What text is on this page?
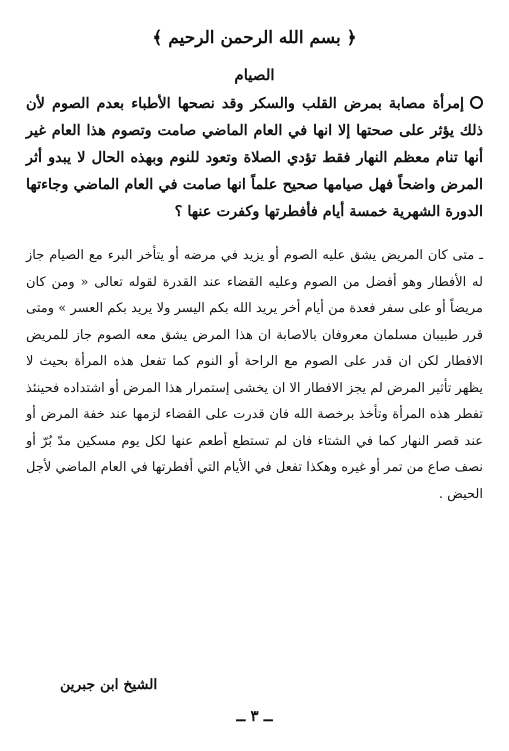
﴿ بسم الله الرحمن الرحيم ﴾
الصيام
إمرأة مصابة بمرض القلب والسكر وقد نصحها الأطباء بعدم الصوم لأن ذلك يؤثر على صحتها إلا انها في العام الماضي صامت وتصوم هذا العام غير أنها تنام معظم النهار فقط تؤدي الصلاة وتعود للنوم وبهذه الحال لا يبدو أثر المرض واضحاً فهل صيامها صحيح علماً انها صامت في العام الماضي وجاءتها الدورة الشهرية خمسة أيام فأفطرتها وكفرت عنها ؟
ـ متى كان المريض يشق عليه الصوم أو يزيد في مرضه أو يتأخر البرء مع الصيام جاز له الأفطار وهو أفضل من الصوم وعليه القضاء عند القدرة لقوله تعالى « ومن كان مريضاً أو على سفر فعدة من أيام أخر يريد الله بكم اليسر ولا يريد بكم العسر » ومتى قرر طبيبان مسلمان معروفان بالاصابة ان هذا المرض يشق معه الصوم جاز للمريض الافطار لكن ان قدر على الصوم مع الراحة أو النوم كما تفعل هذه المرأة بحيث لا يظهر تأثير المرض لم يجز الافطار الا ان يخشى إستمرار هذا المرض أو اشتداده فحينئذ تفطر هذه المرأة وتأخذ برخصة الله فان قدرت على القضاء لزمها عند خفة المرض أو عند قصر النهار كما في الشتاء فان لم تستطع أطعم عنها لكل يوم مسكين مدّ بُرّ أو نصف صاع من تمر أو غيره وهكذا تفعل في الأيام التي أفطرتها في العام الماضي لأجل الحيض .
الشيخ ابن جبرين
ــ ٣ ــ
